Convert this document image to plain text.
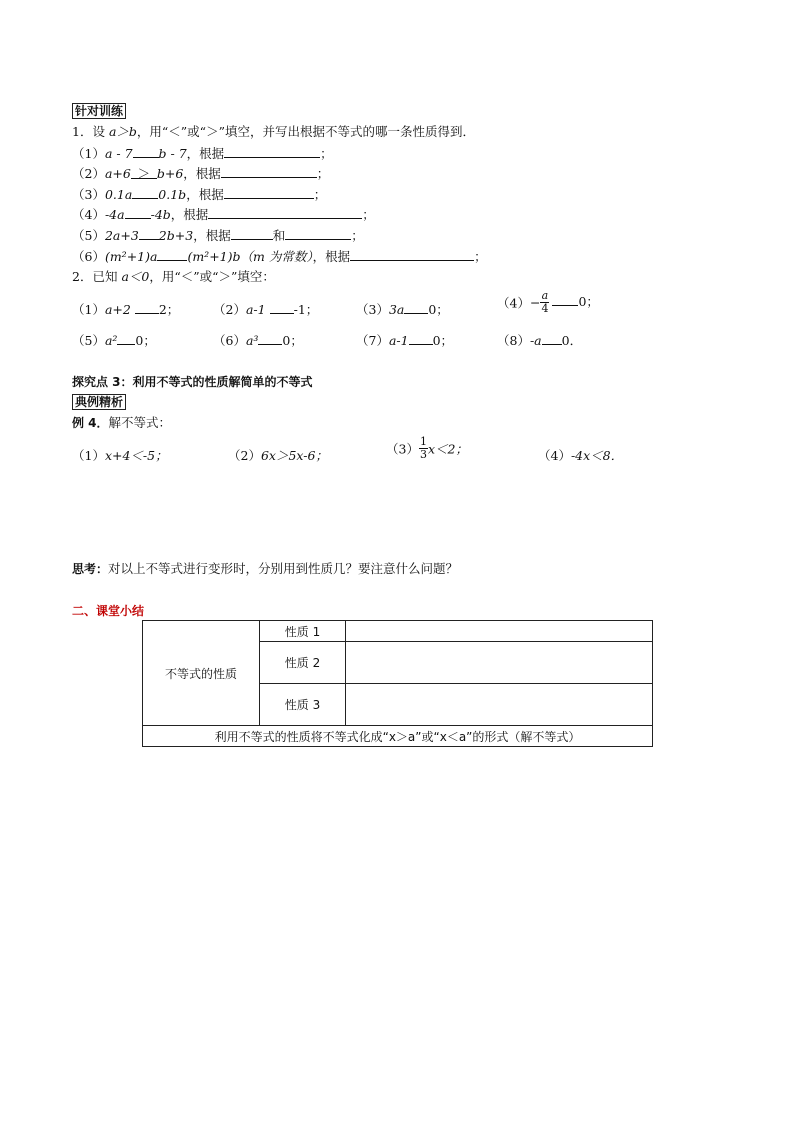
针对训练
1．设 a＞b，用“＜”或“＞”填空，并写出根据不等式的哪一条性质得到．
（1）a - 7 b - 7，根据	；
（2）a+6 ＞ b+6，根据	；
（3）0.1a 0.1b，根据	；
（4）-4a -4b，根据	；
（5）2a+3 2b+3，根据	和	；
（6）(m²+1)a (m²+1)b（m 为常数），根据	；
2．已知 a＜0，用“＜”或“＞”填空：
（1）a+2 2；	（2）a-1 -1；	（3）3a 0；	$(4)- \frac{a}{4} 0$；
（5）a² 0；	（6）a³ 0；	（7）a-1 0；	（8）-a 0．
探究点 3：利用不等式的性质解简单的不等式
典例精析
例 4．解不等式：
（1）x+4＜-5；	（2）6x＞5x-6；	$(3) \frac{1}{3} x<2$；	（4）-4x＜8．
思考：对以上不等式进行变形时，分别用到性质几？要注意什么问题？
二、课堂小结
不等式的性质	性质 1	
	性质 2	
	性质 3	
利用不等式的性质将不等式化成“x＞a”或“x＜a”的形式（解不等式）		
